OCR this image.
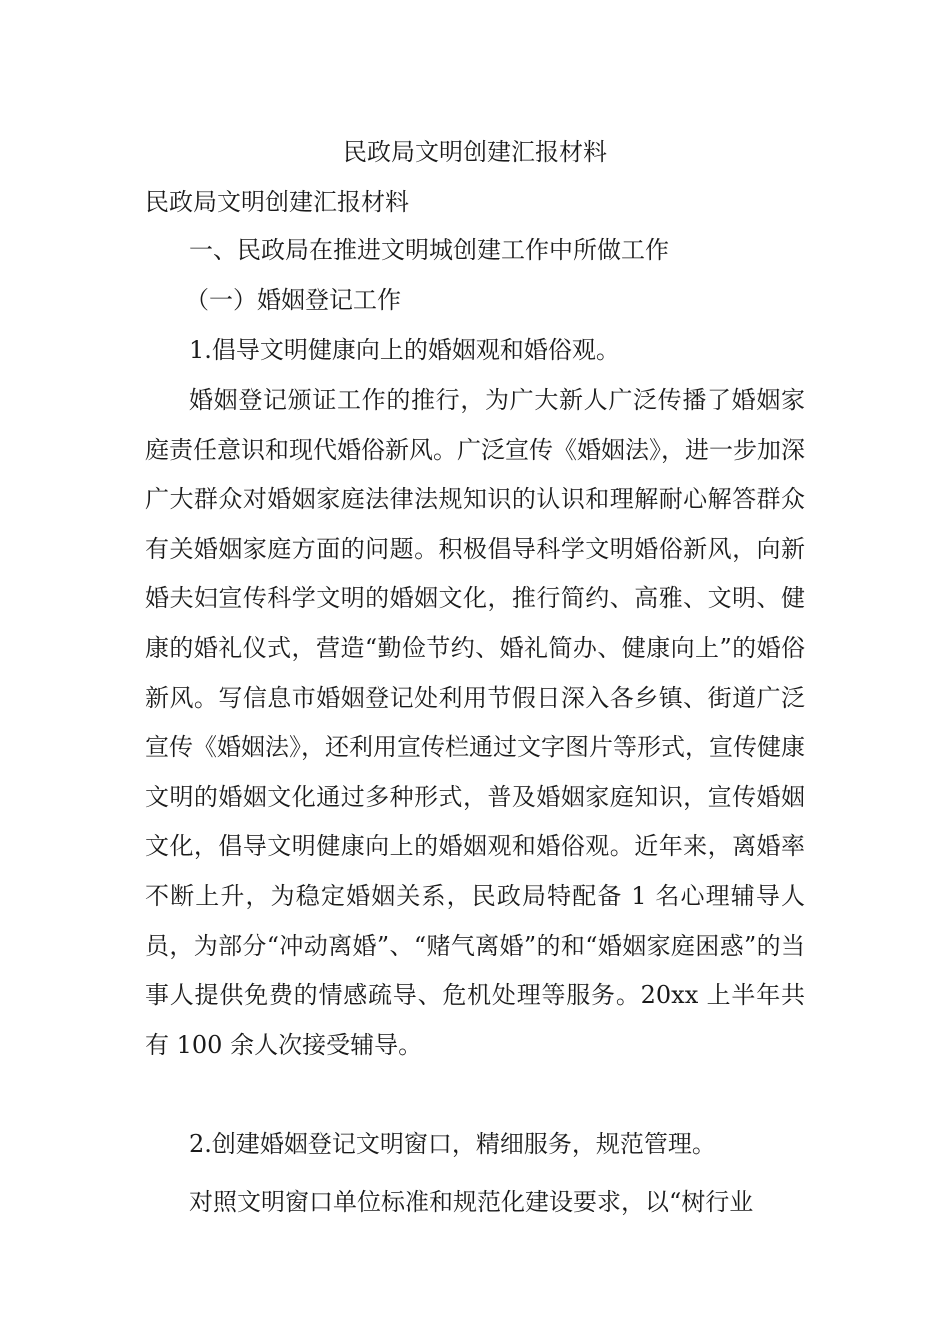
民政局文明创建汇报材料

民政局文明创建汇报材料

一、民政局在推进文明城创建工作中所做工作

（一）婚姻登记工作

1.倡导文明健康向上的婚姻观和婚俗观。

婚姻登记颁证工作的推行，为广大新人广泛传播了婚姻家庭责任意识和现代婚俗新风。广泛宣传《婚姻法》，进一步加深广大群众对婚姻家庭法律法规知识的认识和理解耐心解答群众有关婚姻家庭方面的问题。积极倡导科学文明婚俗新风，向新婚夫妇宣传科学文明的婚姻文化，推行简约、高雅、文明、健康的婚礼仪式，营造“勤俭节约、婚礼简办、健康向上”的婚俗新风。写信息市婚姻登记处利用节假日深入各乡镇、街道广泛宣传《婚姻法》，还利用宣传栏通过文字图片等形式，宣传健康文明的婚姻文化通过多种形式，普及婚姻家庭知识，宣传婚姻文化，倡导文明健康向上的婚姻观和婚俗观。近年来，离婚率不断上升，为稳定婚姻关系，民政局特配备 1 名心理辅导人员，为部分“冲动离婚”、“赌气离婚”的和“婚姻家庭困惑”的当事人提供免费的情感疏导、危机处理等服务。20xx 上半年共有 100 余人次接受辅导。

2.创建婚姻登记文明窗口，精细服务，规范管理。

对照文明窗口单位标准和规范化建设要求，以“树行业
